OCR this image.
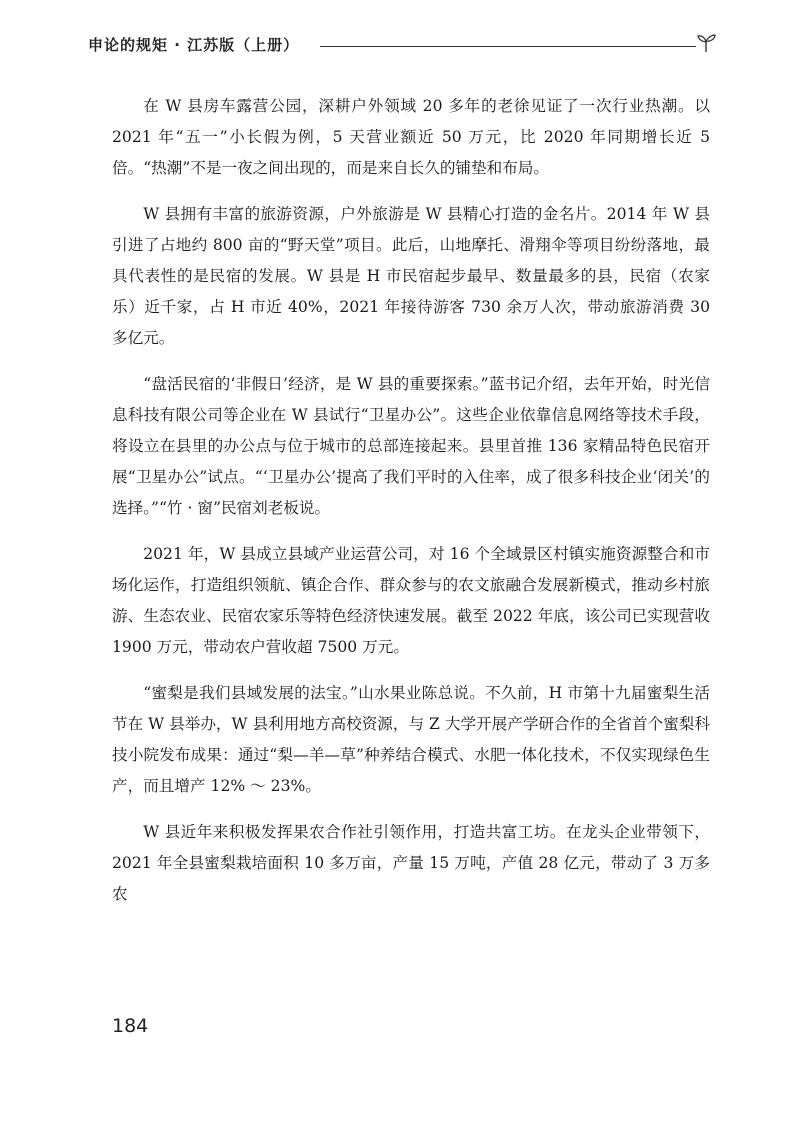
申论的规矩 · 江苏版（上册）

在 W 县房车露营公园，深耕户外领域 20 多年的老徐见证了一次行业热潮。以 2021 年“五一”小长假为例，5 天营业额近 50 万元，比 2020 年同期增长近 5 倍。“热潮”不是一夜之间出现的，而是来自长久的铺垫和布局。

W 县拥有丰富的旅游资源，户外旅游是 W 县精心打造的金名片。2014 年 W 县引进了占地约 800 亩的“野天堂”项目。此后，山地摩托、滑翔伞等项目纷纷落地，最具代表性的是民宿的发展。W 县是 H 市民宿起步最早、数量最多的县，民宿（农家乐）近千家，占 H 市近 40%，2021 年接待游客 730 余万人次，带动旅游消费 30 多亿元。

“盘活民宿的‘非假日’经济，是 W 县的重要探索。”蓝书记介绍，去年开始，时光信息科技有限公司等企业在 W 县试行“卫星办公”。这些企业依靠信息网络等技术手段，将设立在县里的办公点与位于城市的总部连接起来。县里首推 136 家精品特色民宿开展“卫星办公”试点。“‘卫星办公’提高了我们平时的入住率，成了很多科技企业‘闭关’的选择。”“竹 · 窗”民宿刘老板说。

2021 年，W 县成立县域产业运营公司，对 16 个全域景区村镇实施资源整合和市场化运作，打造组织领航、镇企合作、群众参与的农文旅融合发展新模式，推动乡村旅游、生态农业、民宿农家乐等特色经济快速发展。截至 2022 年底，该公司已实现营收 1900 万元，带动农户营收超 7500 万元。

“蜜梨是我们县域发展的法宝。”山水果业陈总说。不久前，H 市第十九届蜜梨生活节在 W 县举办，W 县利用地方高校资源，与 Z 大学开展产学研合作的全省首个蜜梨科技小院发布成果：通过“梨—羊—草”种养结合模式、水肥一体化技术，不仅实现绿色生产，而且增产 12% ～ 23%。

W 县近年来积极发挥果农合作社引领作用，打造共富工坊。在龙头企业带领下，2021 年全县蜜梨栽培面积 10 多万亩，产量 15 万吨，产值 28 亿元，带动了 3 万多农

184
